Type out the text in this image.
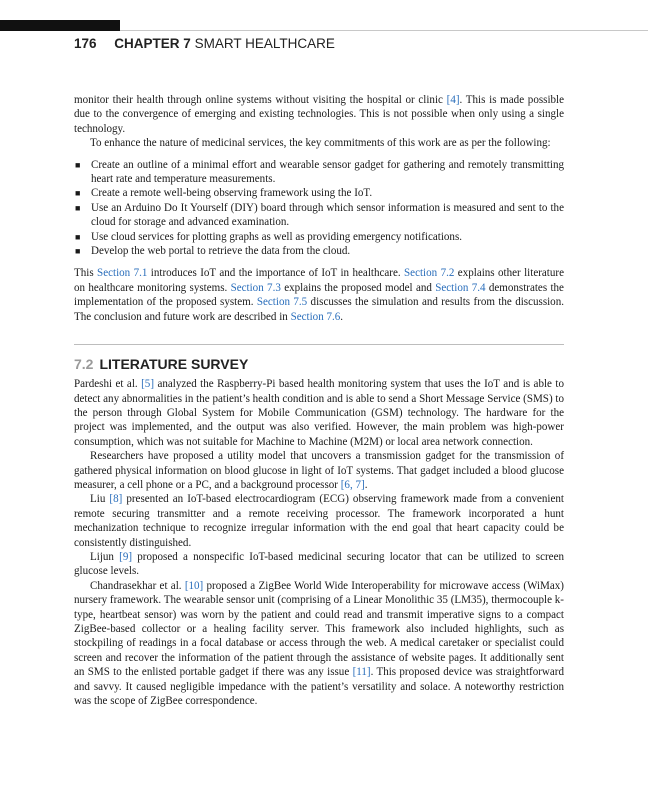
176 CHAPTER 7 SMART HEALTHCARE

monitor their health through online systems without visiting the hospital or clinic [4]. This is made possible due to the convergence of emerging and existing technologies. This is not possible when only using a single technology.

To enhance the nature of medicinal services, the key commitments of this work are as per the following:

■ Create an outline of a minimal effort and wearable sensor gadget for gathering and remotely transmitting heart rate and temperature measurements.
■ Create a remote well-being observing framework using the IoT.
■ Use an Arduino Do It Yourself (DIY) board through which sensor information is measured and sent to the cloud for storage and advanced examination.
■ Use cloud services for plotting graphs as well as providing emergency notifications.
■ Develop the web portal to retrieve the data from the cloud.

This Section 7.1 introduces IoT and the importance of IoT in healthcare. Section 7.2 explains other literature on healthcare monitoring systems. Section 7.3 explains the proposed model and Section 7.4 demonstrates the implementation of the proposed system. Section 7.5 discusses the simulation and results from the discussion. The conclusion and future work are described in Section 7.6.

7.2 LITERATURE SURVEY

Pardeshi et al. [5] analyzed the Raspberry-Pi based health monitoring system that uses the IoT and is able to detect any abnormalities in the patient’s health condition and is able to send a Short Message Service (SMS) to the person through Global System for Mobile Communication (GSM) technology. The hardware for the project was implemented, and the output was also verified. However, the main problem was high-power consumption, which was not suitable for Machine to Machine (M2M) or local area network connection.

Researchers have proposed a utility model that uncovers a transmission gadget for the transmission of gathered physical information on blood glucose in light of IoT systems. That gadget included a blood glucose measurer, a cell phone or a PC, and a background processor [6, 7].

Liu [8] presented an IoT-based electrocardiogram (ECG) observing framework made from a convenient remote securing transmitter and a remote receiving processor. The framework incorporated a hunt mechanization technique to recognize irregular information with the end goal that heart capacity could be consistently distinguished.

Lijun [9] proposed a nonspecific IoT-based medicinal securing locator that can be utilized to screen glucose levels.

Chandrasekhar et al. [10] proposed a ZigBee World Wide Interoperability for microwave access (WiMax) nursery framework. The wearable sensor unit (comprising of a Linear Monolithic 35 (LM35), thermocouple k-type, heartbeat sensor) was worn by the patient and could read and transmit imperative signs to a compact ZigBee-based collector or a healing facility server. This framework also included highlights, such as stockpiling of readings in a focal database or access through the web. A medical caretaker or specialist could screen and recover the information of the patient through the assistance of website pages. It additionally sent an SMS to the enlisted portable gadget if there was any issue [11]. This proposed device was straightforward and savvy. It caused negligible impedance with the patient’s versatility and solace. A noteworthy restriction was the scope of ZigBee correspondence.
